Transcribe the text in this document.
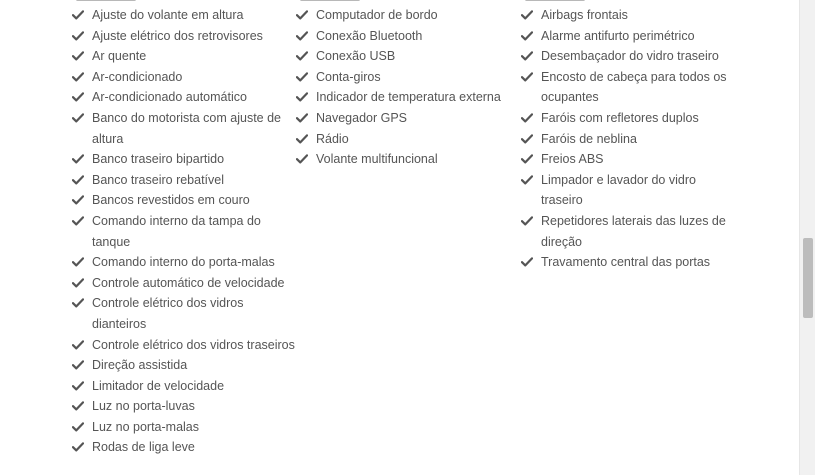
Ajuste do volante em altura
Ajuste elétrico dos retrovisores
Ar quente
Ar-condicionado
Ar-condicionado automático
Banco do motorista com ajuste de altura
Banco traseiro bipartido
Banco traseiro rebatível
Bancos revestidos em couro
Comando interno da tampa do tanque
Comando interno do porta-malas
Controle automático de velocidade
Controle elétrico dos vidros dianteiros
Controle elétrico dos vidros traseiros
Direção assistida
Limitador de velocidade
Luz no porta-luvas
Luz no porta-malas
Rodas de liga leve
Computador de bordo
Conexão Bluetooth
Conexão USB
Conta-giros
Indicador de temperatura externa
Navegador GPS
Rádio
Volante multifuncional
Airbags frontais
Alarme antifurto perimétrico
Desembaçador do vidro traseiro
Encosto de cabeça para todos os ocupantes
Faróis com refletores duplos
Faróis de neblina
Freios ABS
Limpador e lavador do vidro traseiro
Repetidores laterais das luzes de direção
Travamento central das portas
